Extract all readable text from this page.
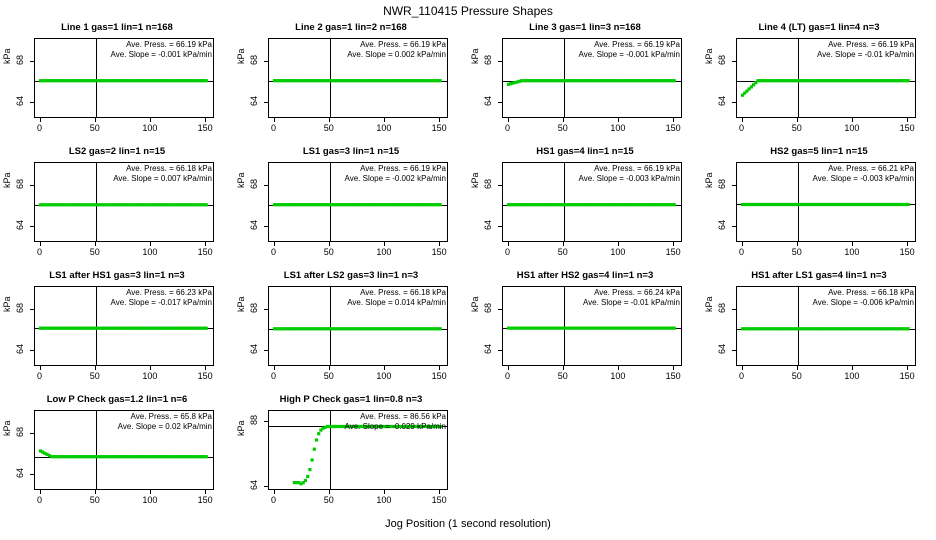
NWR_110415 Pressure Shapes
Line 1 gas=1 lin=1 n=168
kPa
Ave. Press. = 66.19 kPa
Ave. Slope = -0.001 kPa/min
64
68
0	50	100	150
Line 2 gas=1 lin=2 n=168
kPa
Ave. Press. = 66.19 kPa
Ave. Slope = 0.002 kPa/min
64
68
0	50	100	150
Line 3 gas=1 lin=3 n=168
kPa
Ave. Press. = 66.19 kPa
Ave. Slope = -0.001 kPa/min
64
68
0	50	100	150
Line 4 (LT) gas=1 lin=4 n=3
kPa
Ave. Press. = 66.19 kPa
Ave. Slope = -0.01 kPa/min
64
68
0	50	100	150
LS2 gas=2 lin=1 n=15
kPa
Ave. Press. = 66.18 kPa
Ave. Slope = 0.007 kPa/min
64
68
0	50	100	150
LS1 gas=3 lin=1 n=15
kPa
Ave. Press. = 66.19 kPa
Ave. Slope = -0.002 kPa/min
64
68
0	50	100	150
HS1 gas=4 lin=1 n=15
kPa
Ave. Press. = 66.19 kPa
Ave. Slope = -0.003 kPa/min
64
68
0	50	100	150
HS2 gas=5 lin=1 n=15
kPa
Ave. Press. = 66.21 kPa
Ave. Slope = -0.003 kPa/min
64
68
0	50	100	150
LS1 after HS1 gas=3 lin=1 n=3
kPa
Ave. Press. = 66.23 kPa
Ave. Slope = -0.017 kPa/min
64
68
0	50	100	150
LS1 after LS2 gas=3 lin=1 n=3
kPa
Ave. Press. = 66.18 kPa
Ave. Slope = 0.014 kPa/min
64
68
0	50	100	150
HS1 after HS2 gas=4 lin=1 n=3
kPa
Ave. Press. = 66.24 kPa
Ave. Slope = -0.01 kPa/min
64
68
0	50	100	150
HS1 after LS1 gas=4 lin=1 n=3
kPa
Ave. Press. = 66.18 kPa
Ave. Slope = -0.006 kPa/min
64
68
0	50	100	150
Low P Check gas=1.2 lin=1 n=6
kPa
Ave. Press. = 65.8 kPa
Ave. Slope = 0.02 kPa/min
64
68
0	50	100	150
High P Check gas=1 lin=0.8 n=3
kPa
Ave. Press. = 86.56 kPa
Ave. Slope = -0.029 kPa/min
64
88
0	50	100	150
Jog Position (1 second resolution)
